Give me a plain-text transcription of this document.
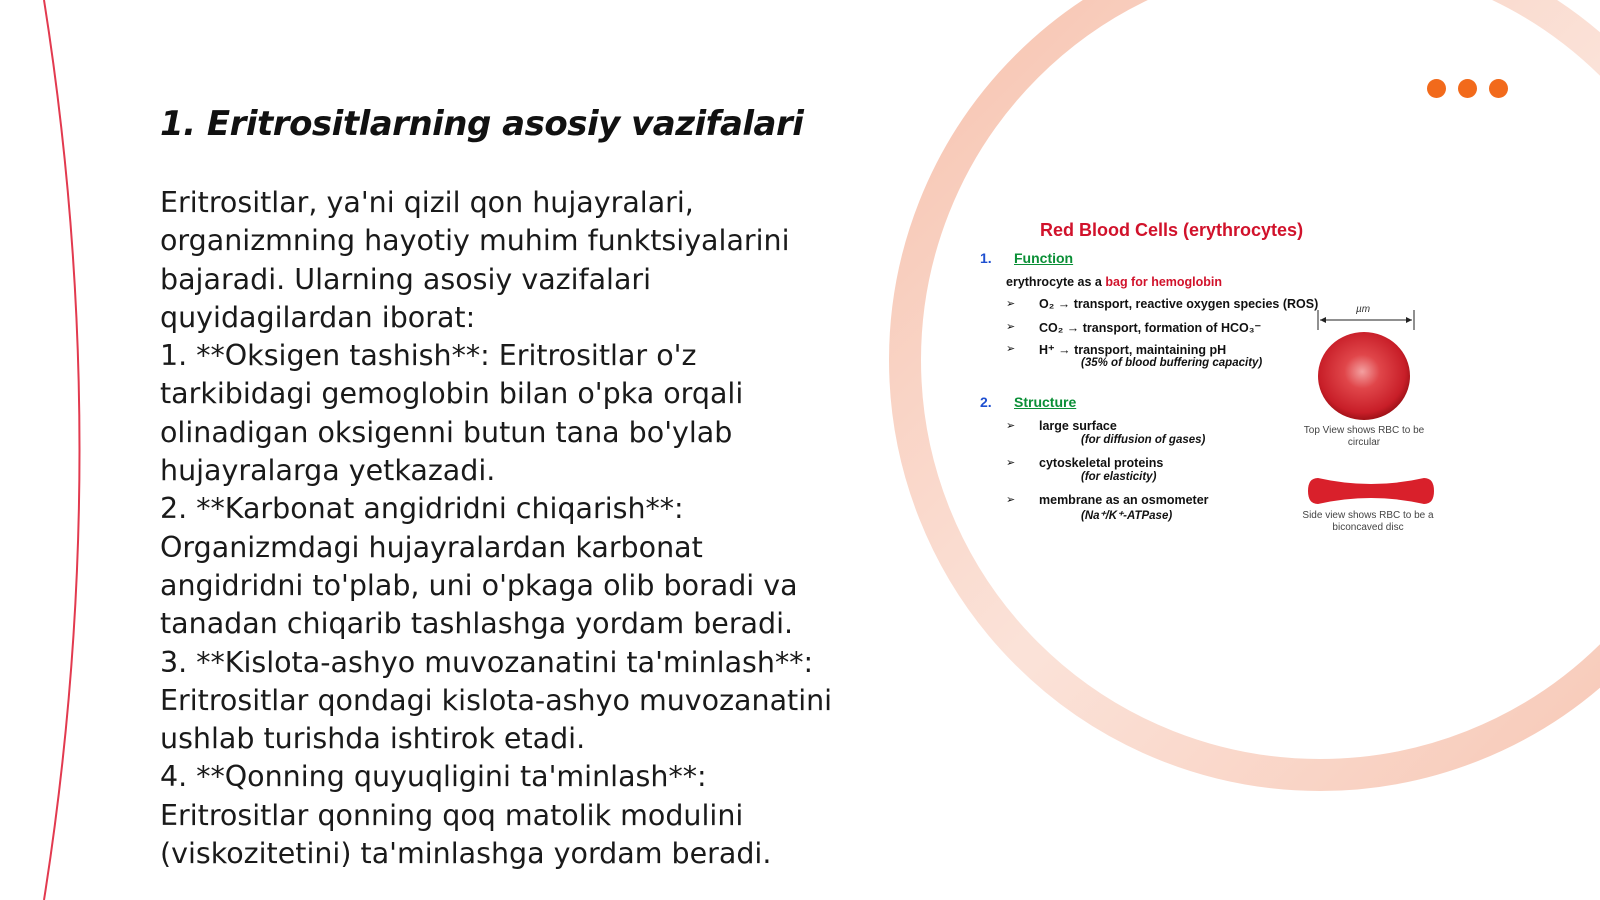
1. Eritrositlarning asosiy vazifalari

Eritrositlar, ya'ni qizil qon hujayralari, organizmning hayotiy muhim funktsiyalarini bajaradi. Ularning asosiy vazifalari quyidagilardan iborat:

1. **Oksigen tashish**: Eritrositlar o'z tarkibidagi gemoglobin bilan o'pka orqali olinadigan oksigenni butun tana bo'ylab hujayralarga yetkazadi.

2. **Karbonat angidridni chiqarish**: Organizmdagi hujayralardan karbonat angidridni to'plab, uni o'pkaga olib boradi va tanadan chiqarib tashlashga yordam beradi.

3. **Kislota-ashyo muvozanatini ta'minlash**: Eritrositlar qondagi kislota-ashyo muvozanatini ushlab turishda ishtirok etadi.

4. **Qonning quyuqligini ta'minlash**: Eritrositlar qonning qoq matolik modulini (viskozitetini) ta'minlashga yordam beradi.

Red Blood Cells (erythrocytes)
1. Function
erythrocyte as a bag for hemoglobin
➢ O₂ → transport, reactive oxygen species (ROS)
➢ CO₂ → transport, formation of HCO₃⁻
➢ H⁺ → transport, maintaining pH
(35% of blood buffering capacity)
2. Structure
➢ large surface
(for diffusion of gases)
➢ cytoskeletal proteins
(for elasticity)
➢ membrane as an osmometer
(Na⁺/K⁺-ATPase)
µm
Top View shows RBC to be circular
Side view shows RBC to be a biconcaved disc
